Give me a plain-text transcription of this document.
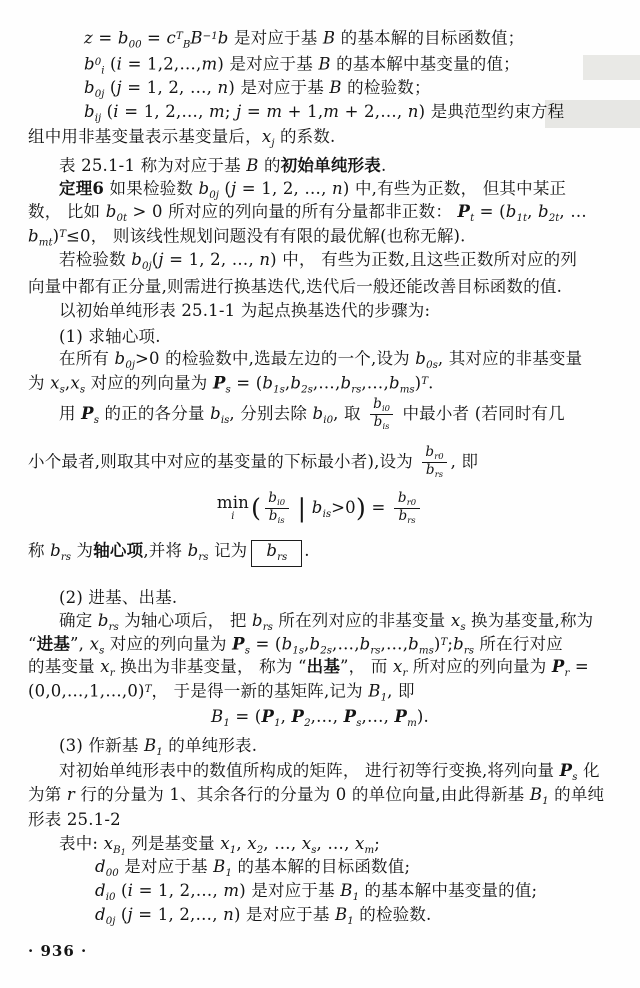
$z = b_{00} = c^T_BB^{-1}b$ 是对应于基 B 的基本解的目标函数值；
$b^0_i$ (i = 1,2,…,m) 是对应于基 B 的基本解中基变量的值；
$b_{0j}$ (j = 1, 2, …, n) 是对应于基 B 的检验数；
$b_{ij}$ (i = 1, 2,…, m; j = m + 1,m + 2,…, n) 是典范型约束方程
组中用非基变量表示基变量后，$x_j$ 的系数.
表 25.1-1 称为对应于基 B 的初始单纯形表.
定理6 如果检验数 $b_{0j}$ (j = 1, 2, …, n) 中,有些为正数， 但其中某正
数， 比如 $b_{0t} > 0$ 所对应的列向量的所有分量都非正数： $P_t = (b_{1t}$, $b_{2t}$, …
$b_{mt})^T\le 0$， 则该线性规划问题没有有限的最优解(也称无解).
若检验数 $b_{0j}(j = 1$, 2, …, n) 中， 有些为正数,且这些正数所对应的列
向量中都有正分量,则需进行换基迭代,迭代后一般还能改善目标函数的值.
以初始单纯形表 25.1-1 为起点换基迭代的步骤为:
(1) 求轴心项.
在所有 $b_{0j}>0$ 的检验数中,选最左边的一个,设为 $b_{0s}$, 其对应的非基变量
为 $x_s,x_s$ 对应的列向量为 $P_s$ = $(b_{1s},b_{2s},\dots,b_{rs},\dots,b_{ms})^T$.
用 $P_s$ 的正的各分量 $b_{is}$, 分别去除 $b_{i0}$, 取 $\frac{b_{i0}}{b_{is}}$ 中最小者 (若同时有几
小个最者,则取其中对应的基变量的下标最小者),设为 $\frac{b_{r0}}{b_{rs}}$ , 即
min
i ( $\frac{b_{i0}}{b_{is}}$ | $b_{is}>0) = \frac{b_{r0}}{b_{rs}}$
称 $b_{rs}$ 为轴心项,并将 $b_{rs}$ 记为 $b_{rs}$ .
(2) 进基、出基.
确定 $b_{rs}$ 为轴心项后， 把 $b_{rs}$ 所在列对应的非基变量 $x_s$ 换为基变量,称为
“进基”, $x_s$ 对应的列向量为 $P_s$ = $(b_{1s},b_{2s},\dots,b_{rs},\dots,b_{ms})^T;b_{rs}$ 所在行对应
的基变量 $x_r$ 换出为非基变量， 称为 “出基”， 而 $x_r$ 所对应的列向量为 $P_r$ =
(0,0,…,1,…,0)$^T$， 于是得一新的基矩阵,记为 $B_1$, 即
$B_1 = (P_1$, $P_2,\dots$, $P_s,\dots$, $P_m$).
(3) 作新基 $B_1$ 的单纯形表.
对初始单纯形表中的数值所构成的矩阵， 进行初等行变换,将列向量 $P_s$ 化
为第 r 行的分量为 1、其余各行的分量为 0 的单位向量,由此得新基 $B_1$ 的单纯
形表 25.1-2
表中: $x_{B1}$ 列是基变量 $x_1$, $x_2$, …, $x_s$, …, $x_m$;
$d_{00}$ 是对应于基 $B_1$ 的基本解的目标函数值;
$d_{i0}$ (i = 1, 2,…, m) 是对应于基 $B_1$ 的基本解中基变量的值;
$d_{0j}$ (j = 1, 2,…, n) 是对应于基 $B_1$ 的检验数.
· 936 ·
